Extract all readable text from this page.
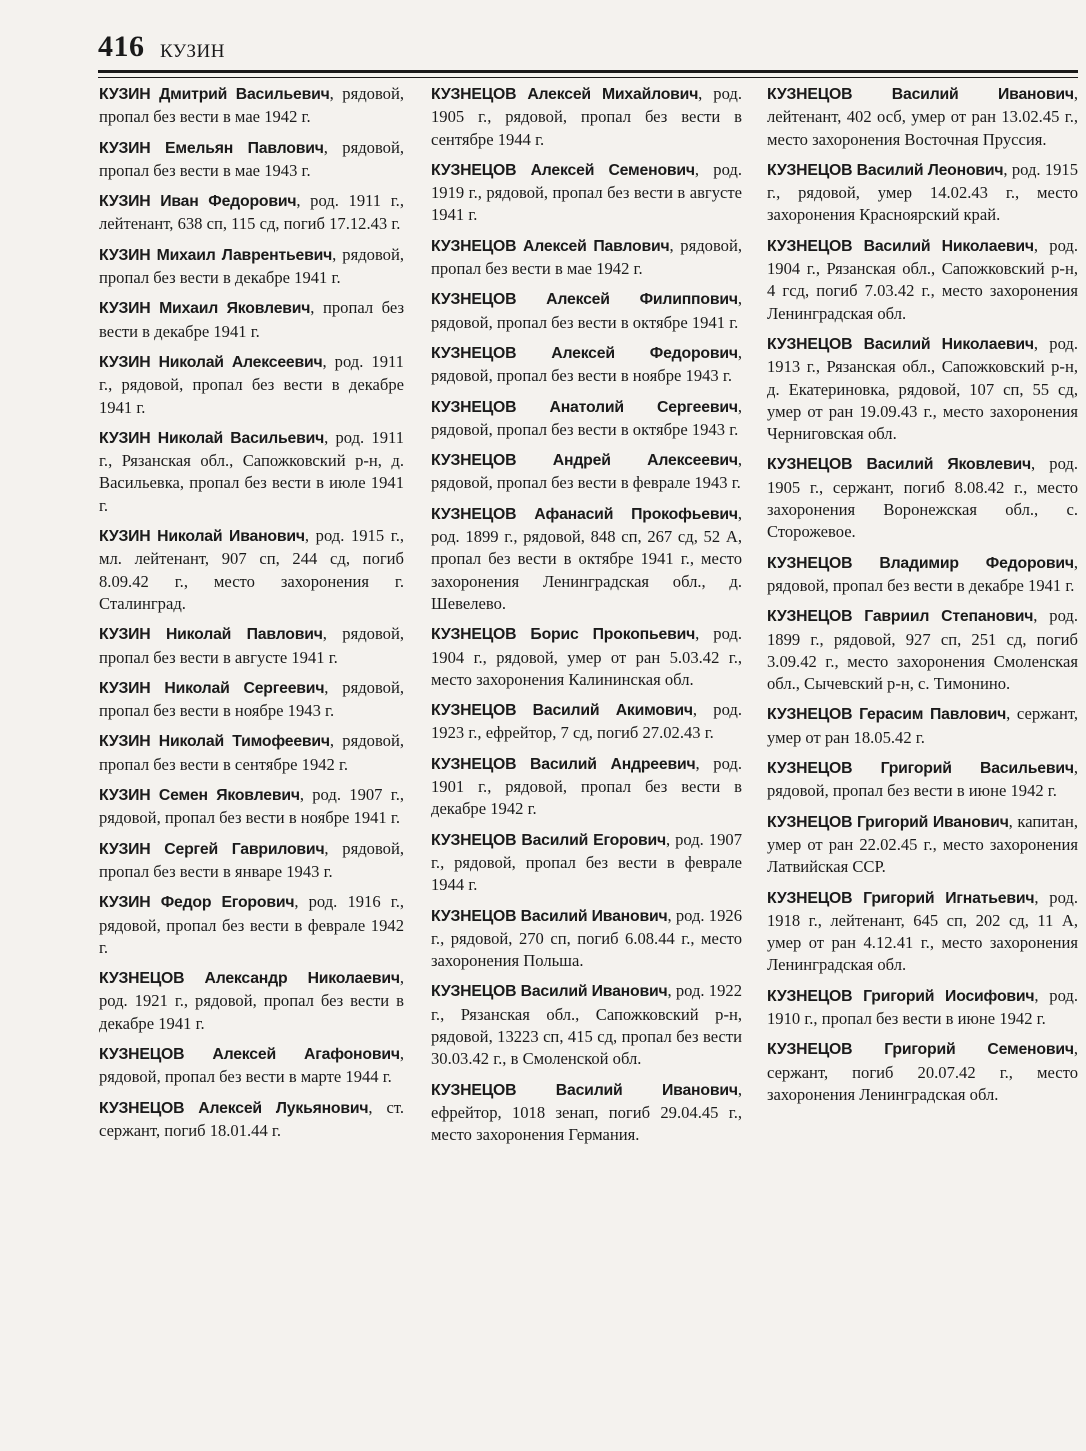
416 КУЗИН

КУЗИН Дмитрий Васильевич, рядовой, пропал без вести в мае 1942 г.

КУЗИН Емельян Павлович, рядовой, пропал без вести в мае 1943 г.

КУЗИН Иван Федорович, род. 1911 г., лейтенант, 638 сп, 115 сд, погиб 17.12.43 г.

КУЗИН Михаил Лаврентьевич, рядовой, пропал без вести в декабре 1941 г.

КУЗИН Михаил Яковлевич, пропал без вести в декабре 1941 г.

КУЗИН Николай Алексеевич, род. 1911 г., рядовой, пропал без вести в декабре 1941 г.

КУЗИН Николай Васильевич, род. 1911 г., Рязанская обл., Сапожковский р-н, д. Васильевка, пропал без вести в июле 1941 г.

КУЗИН Николай Иванович, род. 1915 г., мл. лейтенант, 907 сп, 244 сд, погиб 8.09.42 г., место захоронения г. Сталинград.

КУЗИН Николай Павлович, рядовой, пропал без вести в августе 1941 г.

КУЗИН Николай Сергеевич, рядовой, пропал без вести в ноябре 1943 г.

КУЗИН Николай Тимофеевич, рядовой, пропал без вести в сентябре 1942 г.

КУЗИН Семен Яковлевич, род. 1907 г., рядовой, пропал без вести в ноябре 1941 г.

КУЗИН Сергей Гаврилович, рядовой, пропал без вести в январе 1943 г.

КУЗИН Федор Егорович, род. 1916 г., рядовой, пропал без вести в феврале 1942 г.

КУЗНЕЦОВ Александр Николаевич, род. 1921 г., рядовой, пропал без вести в декабре 1941 г.

КУЗНЕЦОВ Алексей Агафонович, рядовой, пропал без вести в марте 1944 г.

КУЗНЕЦОВ Алексей Лукьянович, ст. сержант, погиб 18.01.44 г.

КУЗНЕЦОВ Алексей Михайлович, род. 1905 г., рядовой, пропал без вести в сентябре 1944 г.

КУЗНЕЦОВ Алексей Семенович, род. 1919 г., рядовой, пропал без вести в августе 1941 г.

КУЗНЕЦОВ Алексей Павлович, рядовой, пропал без вести в мае 1942 г.

КУЗНЕЦОВ Алексей Филиппович, рядовой, пропал без вести в октябре 1941 г.

КУЗНЕЦОВ Алексей Федорович, рядовой, пропал без вести в ноябре 1943 г.

КУЗНЕЦОВ Анатолий Сергеевич, рядовой, пропал без вести в октябре 1943 г.

КУЗНЕЦОВ Андрей Алексеевич, рядовой, пропал без вести в феврале 1943 г.

КУЗНЕЦОВ Афанасий Прокофьевич, род. 1899 г., рядовой, 848 сп, 267 сд, 52 А, пропал без вести в октябре 1941 г., место захоронения Ленинградская обл., д. Шевелево.

КУЗНЕЦОВ Борис Прокопьевич, род. 1904 г., рядовой, умер от ран 5.03.42 г., место захоронения Калининская обл.

КУЗНЕЦОВ Василий Акимович, род. 1923 г., ефрейтор, 7 сд, погиб 27.02.43 г.

КУЗНЕЦОВ Василий Андреевич, род. 1901 г., рядовой, пропал без вести в декабре 1942 г.

КУЗНЕЦОВ Василий Егорович, род. 1907 г., рядовой, пропал без вести в феврале 1944 г.

КУЗНЕЦОВ Василий Иванович, род. 1926 г., рядовой, 270 сп, погиб 6.08.44 г., место захоронения Польша.

КУЗНЕЦОВ Василий Иванович, род. 1922 г., Рязанская обл., Сапожковский р-н, рядовой, 13223 сп, 415 сд, пропал без вести 30.03.42 г., в Смоленской обл.

КУЗНЕЦОВ Василий Иванович, ефрейтор, 1018 зенап, погиб 29.04.45 г., место захоронения Германия.

КУЗНЕЦОВ Василий Иванович, лейтенант, 402 осб, умер от ран 13.02.45 г., место захоронения Восточная Пруссия.

КУЗНЕЦОВ Василий Леонович, род. 1915 г., рядовой, умер 14.02.43 г., место захоронения Красноярский край.

КУЗНЕЦОВ Василий Николаевич, род. 1904 г., Рязанская обл., Сапожковский р-н, 4 гсд, погиб 7.03.42 г., место захоронения Ленинградская обл.

КУЗНЕЦОВ Василий Николаевич, род. 1913 г., Рязанская обл., Сапожковский р-н, д. Екатериновка, рядовой, 107 сп, 55 сд, умер от ран 19.09.43 г., место захоронения Черниговская обл.

КУЗНЕЦОВ Василий Яковлевич, род. 1905 г., сержант, погиб 8.08.42 г., место захоронения Воронежская обл., с. Сторожевое.

КУЗНЕЦОВ Владимир Федорович, рядовой, пропал без вести в декабре 1941 г.

КУЗНЕЦОВ Гавриил Степанович, род. 1899 г., рядовой, 927 сп, 251 сд, погиб 3.09.42 г., место захоронения Смоленская обл., Сычевский р-н, с. Тимонино.

КУЗНЕЦОВ Герасим Павлович, сержант, умер от ран 18.05.42 г.

КУЗНЕЦОВ Григорий Васильевич, рядовой, пропал без вести в июне 1942 г.

КУЗНЕЦОВ Григорий Иванович, капитан, умер от ран 22.02.45 г., место захоронения Латвийская ССР.

КУЗНЕЦОВ Григорий Игнатьевич, род. 1918 г., лейтенант, 645 сп, 202 сд, 11 А, умер от ран 4.12.41 г., место захоронения Ленинградская обл.

КУЗНЕЦОВ Григорий Иосифович, род. 1910 г., пропал без вести в июне 1942 г.

КУЗНЕЦОВ Григорий Семенович, сержант, погиб 20.07.42 г., место захоронения Ленинградская обл.
